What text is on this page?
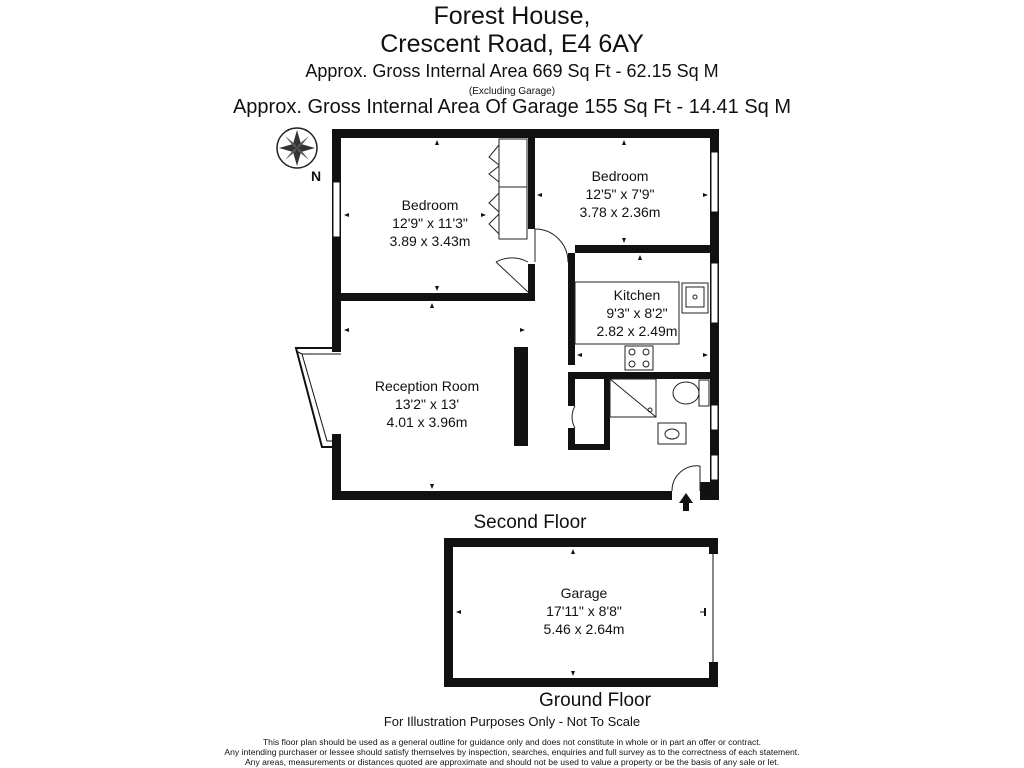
Forest House,
Crescent Road, E4 6AY
Approx. Gross Internal Area 669 Sq Ft - 62.15 Sq M
(Excluding Garage)
Approx. Gross Internal Area Of Garage 155 Sq Ft - 14.41 Sq M
N
Bedroom
12'9" x 11'3"
3.89 x 3.43m
Bedroom
12'5" x 7'9"
3.78 x 2.36m
Kitchen
9'3" x 8'2"
2.82 x 2.49m
Reception Room
13'2" x 13'
4.01 x 3.96m
Garage
17'11" x 8'8"
5.46 x 2.64m
Second Floor
Ground Floor
For Illustration Purposes Only - Not To Scale
This floor plan should be used as a general outline for guidance only and does not constitute in whole or in part an offer or contract.
Any intending purchaser or lessee should satisfy themselves by inspection, searches, enquiries and full survey as to the correctness of each statement.
Any areas, measurements or distances quoted are approximate and should not be used to value a property or be the basis of any sale or let.
